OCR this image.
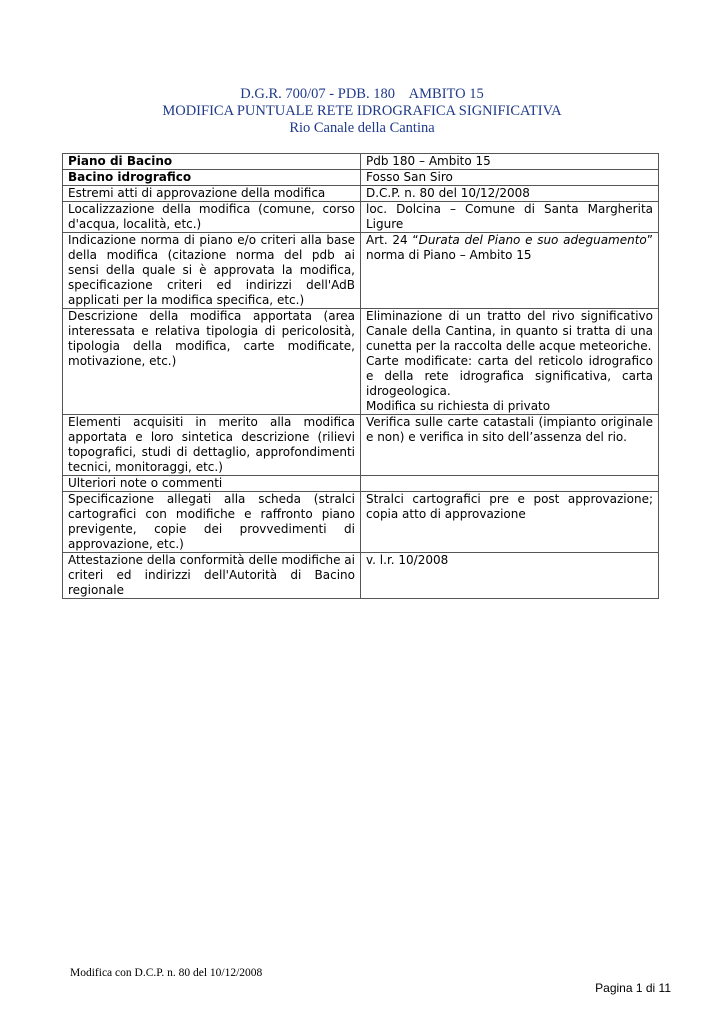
D.G.R. 700/07 - PDB. 180    AMBITO 15
MODIFICA PUNTUALE RETE IDROGRAFICA SIGNIFICATIVA
Rio Canale della Cantina
Piano di Bacino	Pdb 180 – Ambito 15
Bacino idrografico	Fosso San Siro
Estremi atti di approvazione della modifica	D.C.P. n. 80 del 10/12/2008
Localizzazione della modifica (comune, corso d'acqua, località, etc.)	loc. Dolcina – Comune di Santa Margherita Ligure
Indicazione norma di piano e/o criteri alla base della modifica (citazione norma del pdb ai sensi della quale si è approvata la modifica, specificazione criteri ed indirizzi dell'AdB applicati per la modifica specifica, etc.)	Art. 24 “Durata del Piano e suo adeguamento” norma di Piano – Ambito 15
Descrizione della modifica apportata (area interessata e relativa tipologia di pericolosità, tipologia della modifica, carte modificate, motivazione, etc.)	Eliminazione di un tratto del rivo significativo Canale della Cantina, in quanto si tratta di una cunetta per la raccolta delle acque meteoriche.
Carte modificate: carta del reticolo idrografico e della rete idrografica significativa, carta idrogeologica.
Modifica su richiesta di privato

Elementi acquisiti in merito alla modifica apportata e loro sintetica descrizione (rilievi topografici, studi di dettaglio, approfondimenti tecnici, monitoraggi, etc.)	Verifica sulle carte catastali (impianto originale e non) e verifica in sito dell’assenza del rio.
Ulteriori note o commenti	
Specificazione allegati alla scheda (stralci cartografici con modifiche e raffronto piano previgente, copie dei provvedimenti di approvazione, etc.)	Stralci cartografici pre e post approvazione; copia atto di approvazione
Attestazione della conformità delle modifiche ai criteri ed indirizzi dell'Autorità di Bacino regionale	v. l.r. 10/2008
Modifica con D.C.P. n. 80 del 10/12/2008
Pagina 1 di 11
